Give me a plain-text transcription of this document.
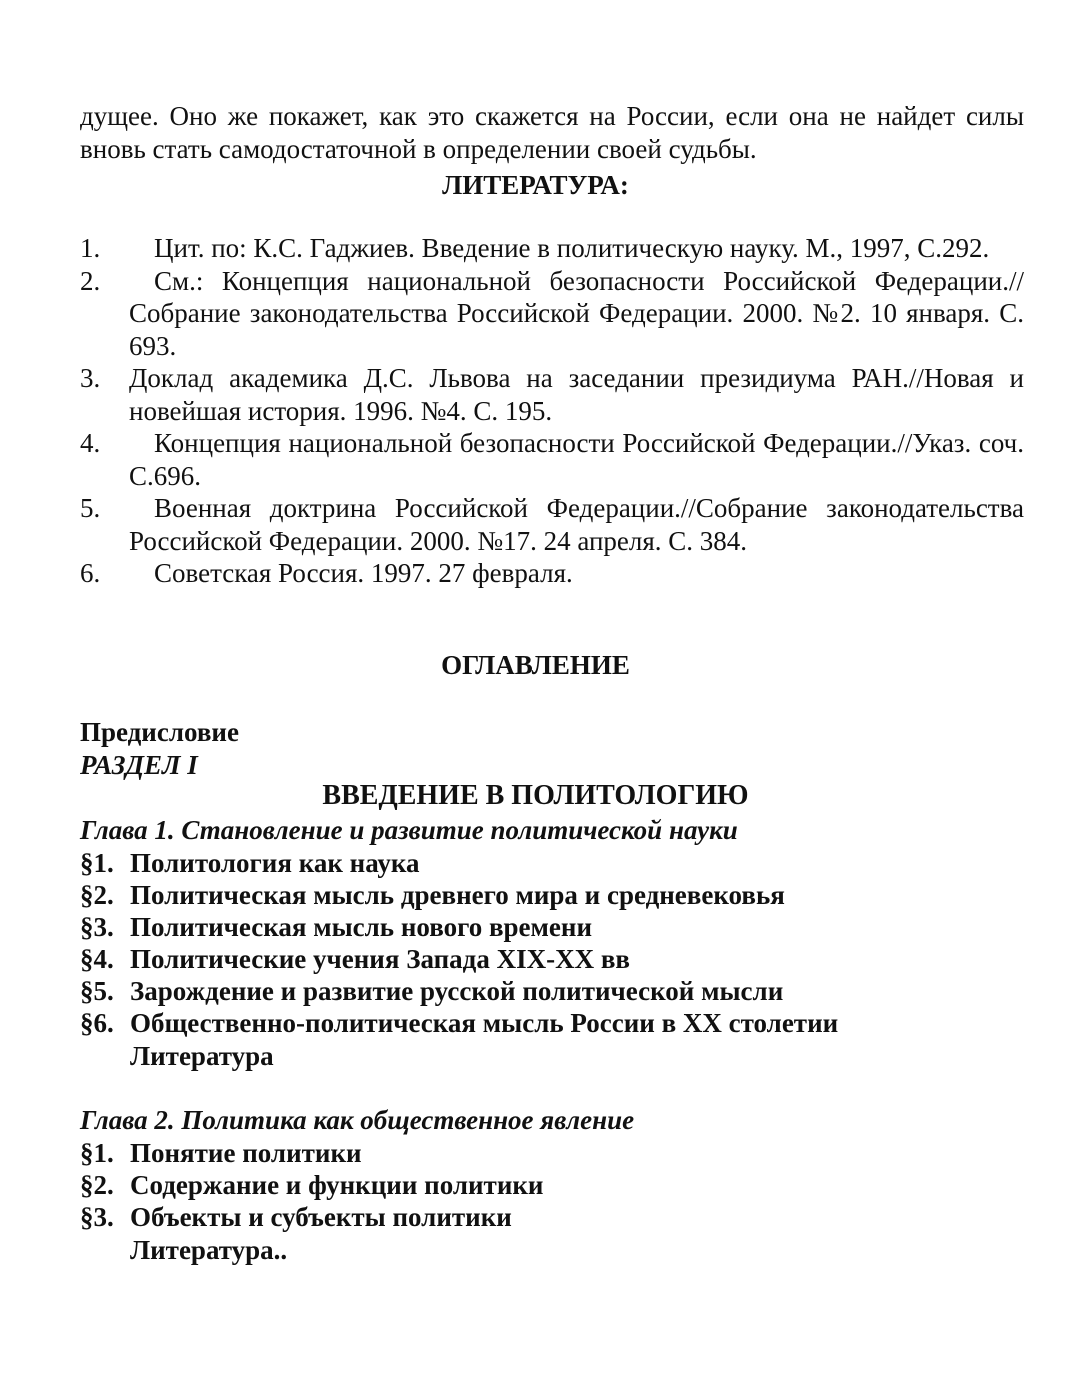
дущее. Оно же покажет, как это скажется на России, если она не найдет силы вновь стать самодостаточной в определении своей судьбы.
ЛИТЕРАТУРА:
1.	Цит. по: К.С. Гаджиев. Введение в политическую науку. М., 1997, С.292.
2.	См.: Концепция национальной безопасности Российской Федерации.// Собрание законодательства Российской Федерации. 2000. №2. 10 января. С. 693.
3. Доклад академика Д.С. Львова на заседании президиума РАН.//Новая и новейшая история. 1996. №4. С. 195.
4.	Концепция национальной безопасности Российской Федерации.//Указ. соч. С.696.
5.	Военная доктрина Российской Федерации.//Собрание законодательства Российской Федерации. 2000. №17. 24 апреля. С. 384.
6.	Советская Россия. 1997. 27 февраля.
ОГЛАВЛЕНИЕ
Предисловие
РАЗДЕЛ I
ВВЕДЕНИЕ В ПОЛИТОЛОГИЮ
Глава 1. Становление и развитие политической науки
§1. Политология как наука
§2. Политическая мысль древнего мира и средневековья
§3. Политическая мысль нового времени
§4. Политические учения Запада XIX-XX вв
§5. Зарождение и развитие русской политической мысли
§6. Общественно-политическая мысль России в XX столетии
Литература
Глава 2. Политика как общественное явление
§1. Понятие политики
§2. Содержание и функции политики
§3. Объекты и субъекты политики
Литература..
